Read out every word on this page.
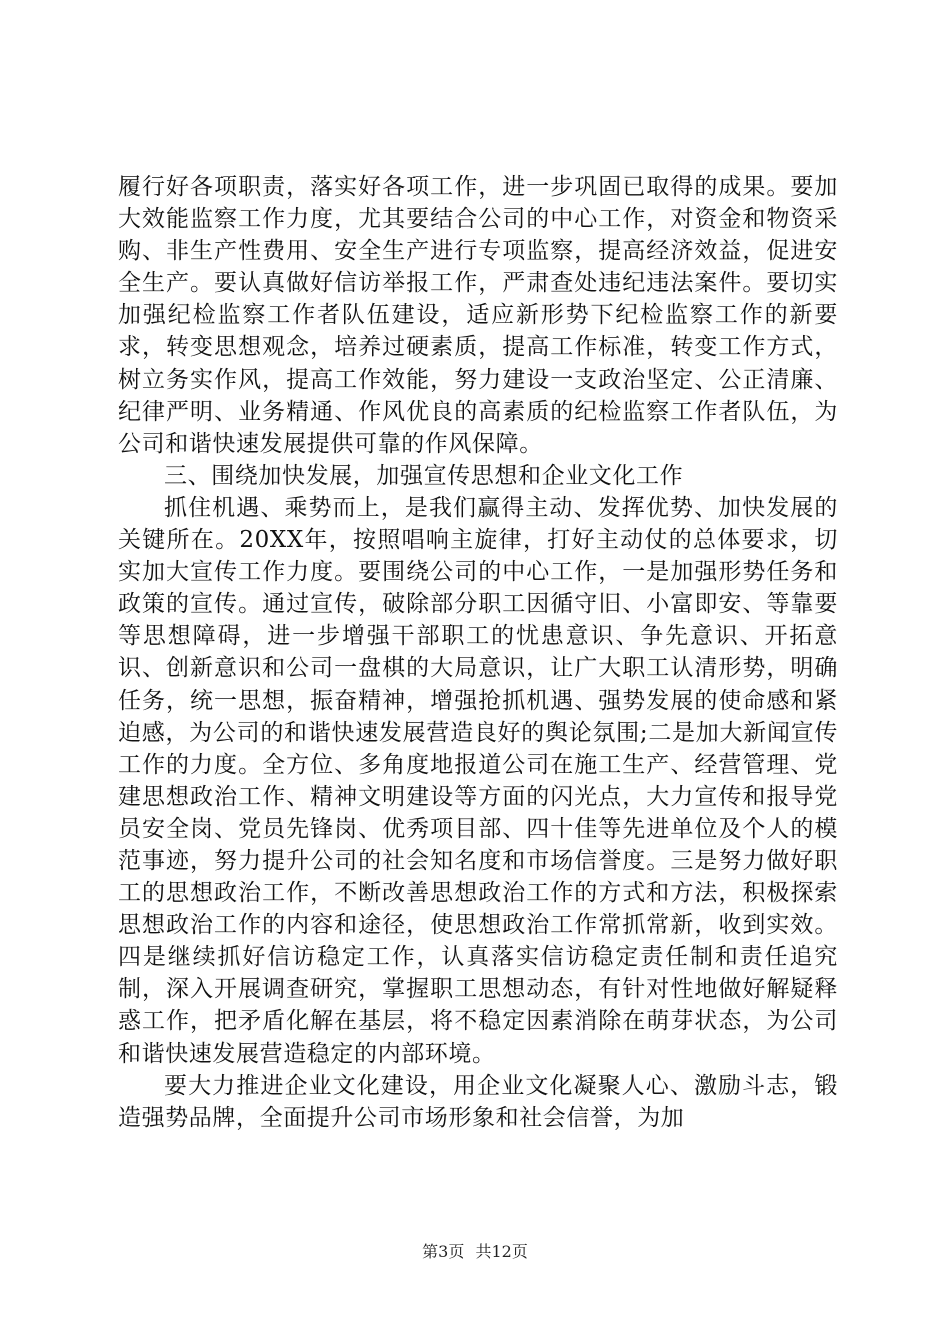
履行好各项职责，落实好各项工作，进一步巩固已取得的成果。要加大效能监察工作力度，尤其要结合公司的中心工作，对资金和物资采购、非生产性费用、安全生产进行专项监察，提高经济效益，促进安全生产。要认真做好信访举报工作，严肃查处违纪违法案件。要切实加强纪检监察工作者队伍建设，适应新形势下纪检监察工作的新要求，转变思想观念，培养过硬素质，提高工作标准，转变工作方式，树立务实作风，提高工作效能，努力建设一支政治坚定、公正清廉、纪律严明、业务精通、作风优良的高素质的纪检监察工作者队伍，为公司和谐快速发展提供可靠的作风保障。

三、围绕加快发展，加强宣传思想和企业文化工作

抓住机遇、乘势而上，是我们赢得主动、发挥优势、加快发展的关键所在。20XX年，按照唱响主旋律，打好主动仗的总体要求，切实加大宣传工作力度。要围绕公司的中心工作，一是加强形势任务和政策的宣传。通过宣传，破除部分职工因循守旧、小富即安、等靠要等思想障碍，进一步增强干部职工的忧患意识、争先意识、开拓意识、创新意识和公司一盘棋的大局意识，让广大职工认清形势，明确任务，统一思想，振奋精神，增强抢抓机遇、强势发展的使命感和紧迫感，为公司的和谐快速发展营造良好的舆论氛围;二是加大新闻宣传工作的力度。全方位、多角度地报道公司在施工生产、经营管理、党建思想政治工作、精神文明建设等方面的闪光点，大力宣传和报导党员安全岗、党员先锋岗、优秀项目部、四十佳等先进单位及个人的模范事迹，努力提升公司的社会知名度和市场信誉度。三是努力做好职工的思想政治工作，不断改善思想政治工作的方式和方法，积极探索思想政治工作的内容和途径，使思想政治工作常抓常新，收到实效。四是继续抓好信访稳定工作，认真落实信访稳定责任制和责任追究制，深入开展调查研究，掌握职工思想动态，有针对性地做好解疑释惑工作，把矛盾化解在基层，将不稳定因素消除在萌芽状态，为公司和谐快速发展营造稳定的内部环境。

要大力推进企业文化建设，用企业文化凝聚人心、激励斗志，锻造强势品牌，全面提升公司市场形象和社会信誉，为加

第3页 共12页
